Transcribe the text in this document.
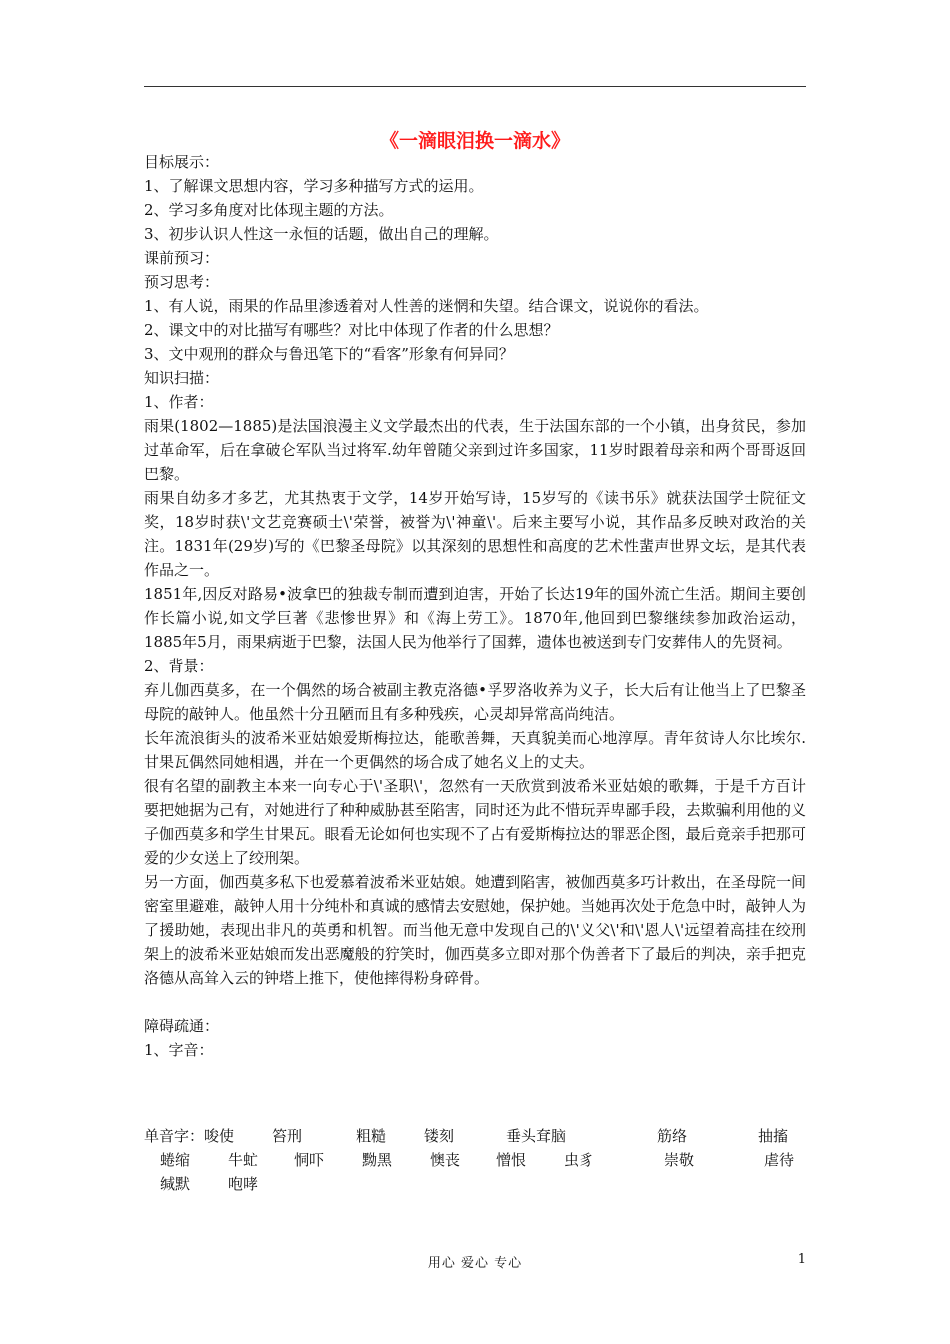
《一滴眼泪换一滴水》

目标展示：

1、了解课文思想内容，学习多种描写方式的运用。

2、学习多角度对比体现主题的方法。

3、初步认识人性这一永恒的话题，做出自己的理解。

课前预习：

预习思考：

1、有人说，雨果的作品里渗透着对人性善的迷惘和失望。结合课文，说说你的看法。

2、课文中的对比描写有哪些？对比中体现了作者的什么思想？

3、文中观刑的群众与鲁迅笔下的“看客”形象有何异同？

知识扫描：

1、作者：

雨果(1802—1885)是法国浪漫主义文学最杰出的代表，生于法国东部的一个小镇，出身贫民，参加过革命军，后在拿破仑军队当过将军.幼年曾随父亲到过许多国家，11岁时跟着母亲和两个哥哥返回巴黎。

雨果自幼多才多艺，尤其热衷于文学，14岁开始写诗，15岁写的《读书乐》就获法国学士院征文奖，18岁时获\'文艺竞赛硕士\'荣誉，被誉为\'神童\'。后来主要写小说，其作品多反映对政治的关注。1831年(29岁)写的《巴黎圣母院》以其深刻的思想性和高度的艺术性蜚声世界文坛，是其代表作品之一。

1851年,因反对路易•波拿巴的独裁专制而遭到迫害，开始了长达19年的国外流亡生活。期间主要创作长篇小说,如文学巨著《悲惨世界》和《海上劳工》。1870年,他回到巴黎继续参加政治运动，1885年5月，雨果病逝于巴黎，法国人民为他举行了国葬，遗体也被送到专门安葬伟人的先贤祠。

2、背景：

弃儿伽西莫多，在一个偶然的场合被副主教克洛德•孚罗洛收养为义子，长大后有让他当上了巴黎圣母院的敲钟人。他虽然十分丑陋而且有多种残疾，心灵却异常高尚纯洁。

长年流浪街头的波希米亚姑娘爱斯梅拉达，能歌善舞，天真貌美而心地淳厚。青年贫诗人尔比埃尔.甘果瓦偶然同她相遇，并在一个更偶然的场合成了她名义上的丈夫。

很有名望的副教主本来一向专心于\'圣职\'，忽然有一天欣赏到波希米亚姑娘的歌舞，于是千方百计要把她据为己有，对她进行了种种威胁甚至陷害，同时还为此不惜玩弄卑鄙手段，去欺骗利用他的义子伽西莫多和学生甘果瓦。眼看无论如何也实现不了占有爱斯梅拉达的罪恶企图，最后竟亲手把那可爱的少女送上了绞刑架。

另一方面，伽西莫多私下也爱慕着波希米亚姑娘。她遭到陷害，被伽西莫多巧计救出，在圣母院一间密室里避难，敲钟人用十分纯朴和真诚的感情去安慰她，保护她。当她再次处于危急中时，敲钟人为了援助她，表现出非凡的英勇和机智。而当他无意中发现自己的\'义父\'和\'恩人\'远望着高挂在绞刑架上的波希米亚姑娘而发出恶魔般的狞笑时，伽西莫多立即对那个伪善者下了最后的判决，亲手把克洛德从高耸入云的钟塔上推下，使他摔得粉身碎骨。

障碍疏通：

1、字音：

单音字： 唆使	笞刑	粗糙	镂刻	垂头耷脑	筋络	抽搐
蜷缩	牛虻 恫吓	黝黑	懊丧 憎恨	虫豸	崇敬	虐待
缄默	咆哮
用心 爱心 专心	1
